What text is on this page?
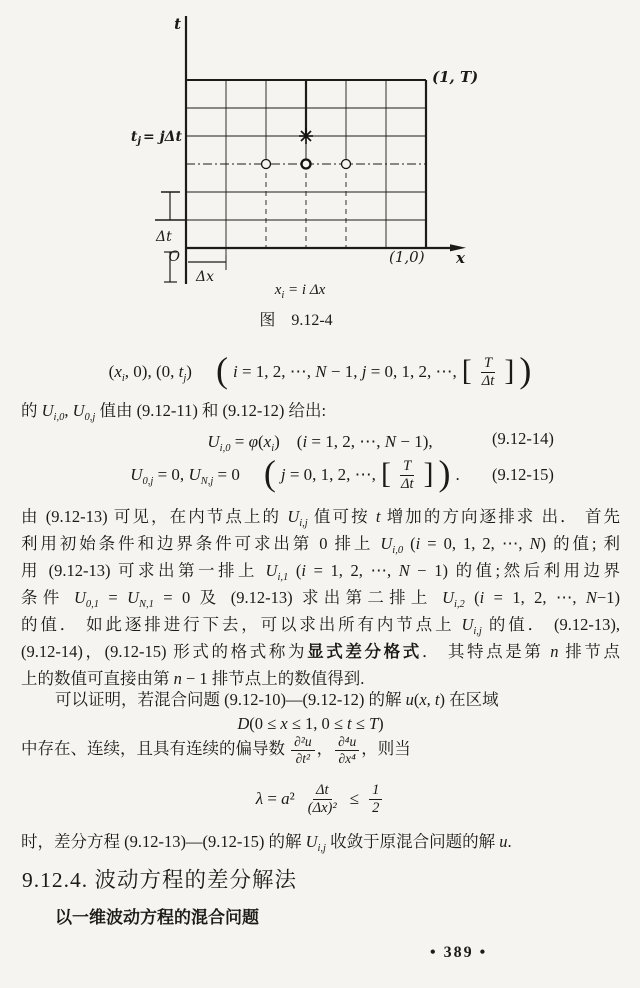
t
(1, T)
$t_j = j\Delta t$
Δt
O
Δx
(1,0) x
$x_i = i$ Δx
图　9.12-4
($x_i$, 0), (0, $t_j$) ( i = 1, 2, ⋯, N − 1, j = 0, 1, 2, ⋯, [ $\frac{T}{\Delta t}$ ] )
的 $U_{i,0}$, $U_{0,j}$ 值由 (9.12-11) 和 (9.12-12) 给出:
$U_{i,0} = \varphi(x_i)$　(i = 1, 2, ⋯, N − 1),	(9.12-14)
$U_{0,j} = 0$, $U_{N,j} = 0$ ( j = 0, 1, 2, ⋯, [ $\frac{T}{\Delta t}$ ] ) . (9.12-15)
由 (9.12-13) 可见，在内节点上的 $U_{i,j}$ 值可按 t 增加的方向逐排求 出． 首先
利用初始条件和边界条件可求出第 0 排上 $U_{i,0}$ (i = 0, 1, 2, ⋯, N) 的值; 利
用 (9.12-13) 可求出第一排上 $U_{i,1}$ (i = 1, 2, ⋯, N − 1) 的值;然后利用边界
条件 $U_{0,1} = U_{N,1} = 0$ 及 (9.12-13) 求出第二排上 $U_{i,2}$ (i = 1, 2, ⋯, N−1)
的值． 如此逐排进行下去，可以求出所有内节点上 $U_{i,j}$ 的值． (9.12-13),
(9.12-14)，(9.12-15) 形式的格式称为显式差分格式． 其特点是第 n 排节点
上的数值可直接由第 n − 1 排节点上的数值得到.
可以证明，若混合问题 (9.12-10)—(9.12-12) 的解 u(x, t) 在区域
D(0 ≤ x ≤ 1, 0 ≤ t ≤ T)
中存在、连续，且具有连续的偏导数 $\frac{\text{∂²u}}{\text{∂t²}}$ ， $\frac{\text{∂⁴u}}{\text{∂x⁴}}$ ，则当
$\lambda = a^2 \frac{\Delta t}{\text{(Δx)²}} \le \frac{1}{2}$
时，差分方程 (9.12-13)—(9.12-15) 的解 $U_{i,j}$ 收敛于原混合问题的解 u.
9.12.4. 波动方程的差分解法
以一维波动方程的混合问题
• 389 •
